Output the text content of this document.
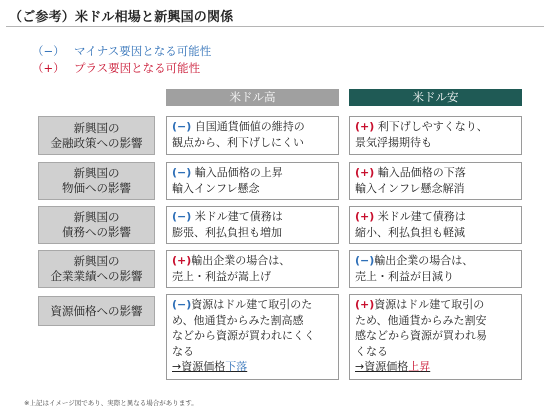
（ご参考）米ドル相場と新興国の関係
（−） マイナス要因となる可能性
（+） プラス要因となる可能性
米ドル高	米ドル安
新興国の
金融政策への影響
(−) 自国通貨価値の維持の
観点から、利下げしにくい
(+) 利下げしやすくなり、
景気浮揚期待も
新興国の
物価への影響
(−) 輸入品価格の上昇
輸入インフレ懸念
(+) 輸入品価格の下落
輸入インフレ懸念解消
新興国の
債務への影響
(−) 米ドル建て債務は
膨張、利払負担も増加
(+) 米ドル建て債務は
縮小、利払負担も軽減
新興国の
企業業績への影響
(+)輸出企業の場合は、
売上・利益が嵩上げ
(−)輸出企業の場合は、
売上・利益が目減り
資源価格への影響	(−)資源はドル建て取引のた
め、他通貨からみた割高感
などから資源が買われにくく
なる
→資源価格下落
(+)資源はドル建て取引の
ため、他通貨からみた割安
感などから資源が買われ易
くなる
→資源価格上昇
※上記はイメージ図であり、実際と異なる場合があります。
